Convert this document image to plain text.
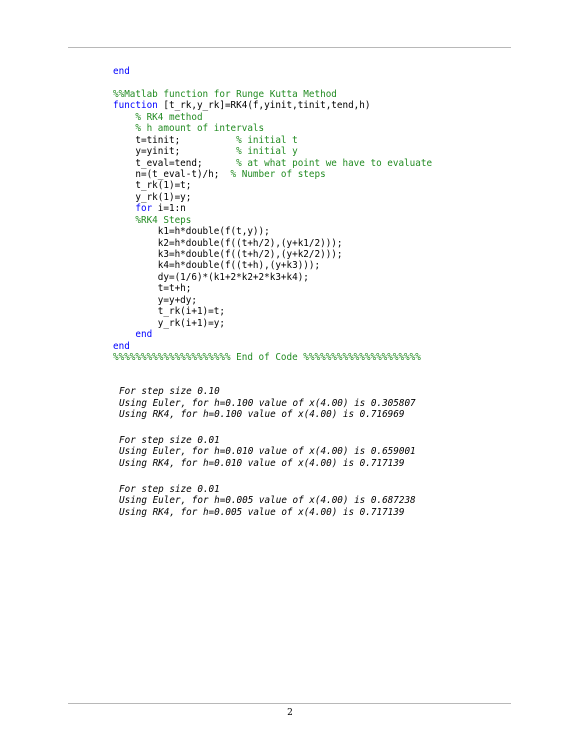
end

%%Matlab function for Runge Kutta Method
function [t_rk,y_rk]=RK4(f,yinit,tinit,tend,h)
% RK4 method
% h amount of intervals
t=tinit;          % initial t
y=yinit;          % initial y
t_eval=tend;      % at what point we have to evaluate
n=(t_eval-t)/h;  % Number of steps
t_rk(1)=t;
y_rk(1)=y;
for i=1:n
%RK4 Steps
k1=h*double(f(t,y));
k2=h*double(f((t+h/2),(y+k1/2)));
k3=h*double(f((t+h/2),(y+k2/2)));
k4=h*double(f((t+h),(y+k3)));
dy=(1/6)*(k1+2*k2+2*k3+k4);
t=t+h;
y=y+dy;
t_rk(i+1)=t;
y_rk(i+1)=y;
end
end
%%%%%%%%%%%%%%%%%%%%% End of Code %%%%%%%%%%%%%%%%%%%%%
For step size 0.10
Using Euler, for h=0.100 value of x(4.00) is 0.305807
Using RK4, for h=0.100 value of x(4.00) is 0.716969
For step size 0.01
Using Euler, for h=0.010 value of x(4.00) is 0.659001
Using RK4, for h=0.010 value of x(4.00) is 0.717139
For step size 0.01
Using Euler, for h=0.005 value of x(4.00) is 0.687238
Using RK4, for h=0.005 value of x(4.00) is 0.717139
2
